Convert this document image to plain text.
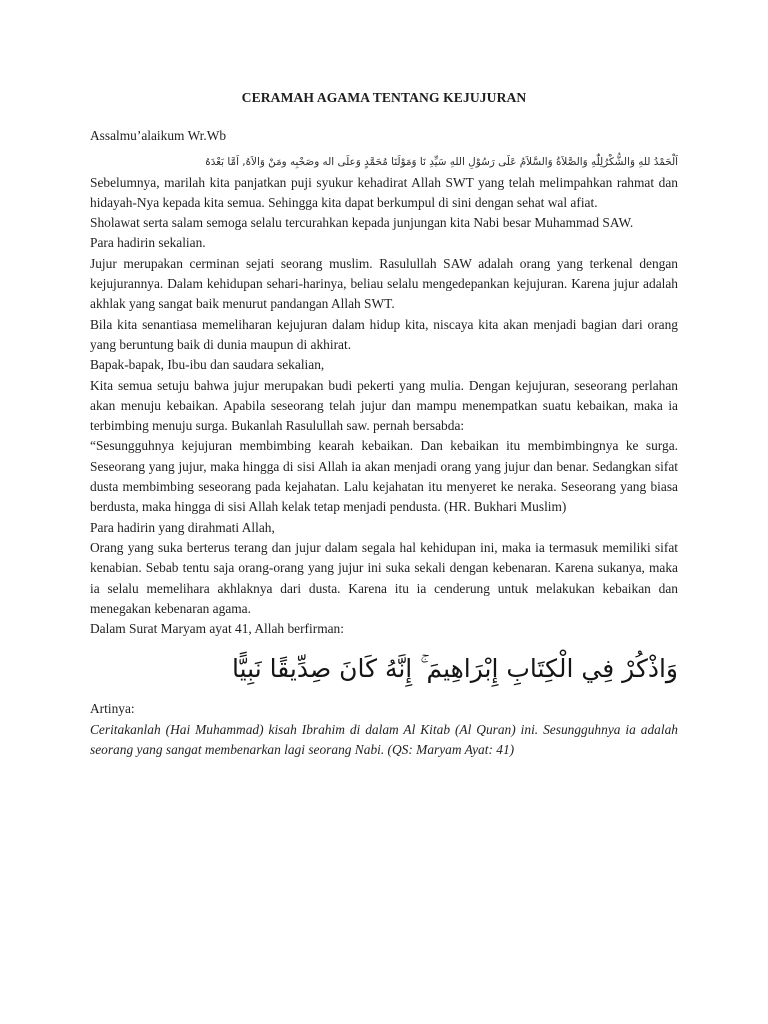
CERAMAH AGAMA TENTANG KEJUJURAN

Assalmu’alaikum Wr.Wb

اَلْحَمْدُ للهِ وَالشُّكْرُلِلّٰهِ وَالصَّلاَةُ وَالسَّلاَمُ عَلَى رَسُوْلِ اللهِ سَيِّدِ نَا وَمَوْلَنَا مُحَمَّدٍ وَعلَى اله وصَحْبِه ومَنْ وَالاَهُ, اَمَّا بَعْدَهُ

Sebelumnya, marilah kita panjatkan puji syukur kehadirat Allah SWT yang telah melimpahkan rahmat dan hidayah-Nya kepada kita semua. Sehingga kita dapat berkumpul di sini dengan sehat wal afiat.

Sholawat serta salam semoga selalu tercurahkan kepada junjungan kita Nabi besar Muhammad SAW.

Para hadirin sekalian.

Jujur merupakan cerminan sejati seorang muslim. Rasulullah SAW adalah orang yang terkenal dengan kejujurannya. Dalam kehidupan sehari-harinya, beliau selalu mengedepankan kejujuran. Karena jujur adalah akhlak yang sangat baik menurut pandangan Allah SWT.

Bila kita senantiasa memeliharan kejujuran dalam hidup kita, niscaya kita akan menjadi bagian dari orang yang beruntung baik di dunia maupun di akhirat.

Bapak-bapak, Ibu-ibu dan saudara sekalian,

Kita semua setuju bahwa jujur merupakan budi pekerti yang mulia. Dengan kejujuran, seseorang perlahan akan menuju kebaikan. Apabila seseorang telah jujur dan mampu menempatkan suatu kebaikan, maka ia terbimbing menuju surga. Bukanlah Rasulullah saw. pernah bersabda:

“Sesungguhnya kejujuran membimbing kearah kebaikan. Dan kebaikan itu membimbingnya ke surga. Seseorang yang jujur, maka hingga di sisi Allah ia akan menjadi orang yang jujur dan benar. Sedangkan sifat dusta membimbing seseorang pada kejahatan. Lalu kejahatan itu menyeret ke neraka. Seseorang yang biasa berdusta, maka hingga di sisi Allah kelak tetap menjadi pendusta. (HR. Bukhari Muslim)

Para hadirin yang dirahmati Allah,

Orang yang suka berterus terang dan jujur dalam segala hal kehidupan ini, maka ia termasuk memiliki sifat kenabian. Sebab tentu saja orang-orang yang jujur ini suka sekali dengan kebenaran. Karena sukanya, maka ia selalu memelihara akhlaknya dari dusta. Karena itu ia cenderung untuk melakukan kebaikan dan menegakan kebenaran agama.

Dalam Surat Maryam ayat 41, Allah berfirman:

وَاذْكُرْ فِي الْكِتَابِ إِبْرَاهِيمَ ۚ إِنَّهُ كَانَ صِدِّيقًا نَبِيًّا

Artinya:

Ceritakanlah (Hai Muhammad) kisah Ibrahim di dalam Al Kitab (Al Quran) ini. Sesungguhnya ia adalah seorang yang sangat membenarkan lagi seorang Nabi. (QS: Maryam Ayat: 41)
